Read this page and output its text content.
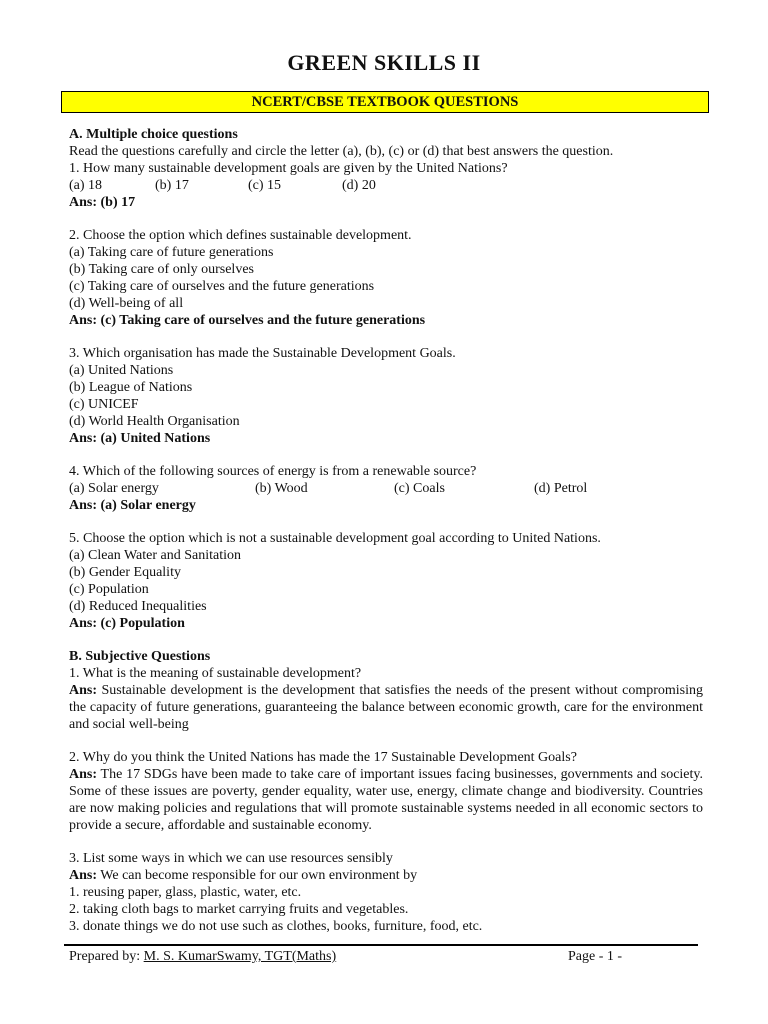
GREEN SKILLS II
NCERT/CBSE TEXTBOOK QUESTIONS

A. Multiple choice questions

Read the questions carefully and circle the letter (a), (b), (c) or (d) that best answers the question.

1. How many sustainable development goals are given by the United Nations?

(a) 18	(b) 17	(c) 15	(d) 20

Ans: (b) 17

2. Choose the option which defines sustainable development.

(a) Taking care of future generations

(b) Taking care of only ourselves

(c) Taking care of ourselves and the future generations

(d) Well-being of all

Ans: (c) Taking care of ourselves and the future generations

3. Which organisation has made the Sustainable Development Goals.

(a) United Nations

(b) League of Nations

(c) UNICEF

(d) World Health Organisation

Ans: (a) United Nations

4. Which of the following sources of energy is from a renewable source?

(a) Solar energy	(b) Wood	(c) Coals	(d) Petrol

Ans: (a) Solar energy

5. Choose the option which is not a sustainable development goal according to United Nations.

(a) Clean Water and Sanitation

(b) Gender Equality

(c) Population

(d) Reduced Inequalities

Ans: (c) Population

B. Subjective Questions

1. What is the meaning of sustainable development?

Ans: Sustainable development is the development that satisfies the needs of the present without compromising the capacity of future generations, guaranteeing the balance between economic growth, care for the environment and social well-being

2. Why do you think the United Nations has made the 17 Sustainable Development Goals?

Ans: The 17 SDGs have been made to take care of important issues facing businesses, governments and society. Some of these issues are poverty, gender equality, water use, energy, climate change and biodiversity. Countries are now making policies and regulations that will promote sustainable systems needed in all economic sectors to provide a secure, affordable and sustainable economy.

3. List some ways in which we can use resources sensibly

Ans: We can become responsible for our own environment by

1. reusing paper, glass, plastic, water, etc.

2. taking cloth bags to market carrying fruits and vegetables.

3. donate things we do not use such as clothes, books, furniture, food, etc.

Prepared by: M. S. KumarSwamy, TGT(Maths)	Page - 1 -
